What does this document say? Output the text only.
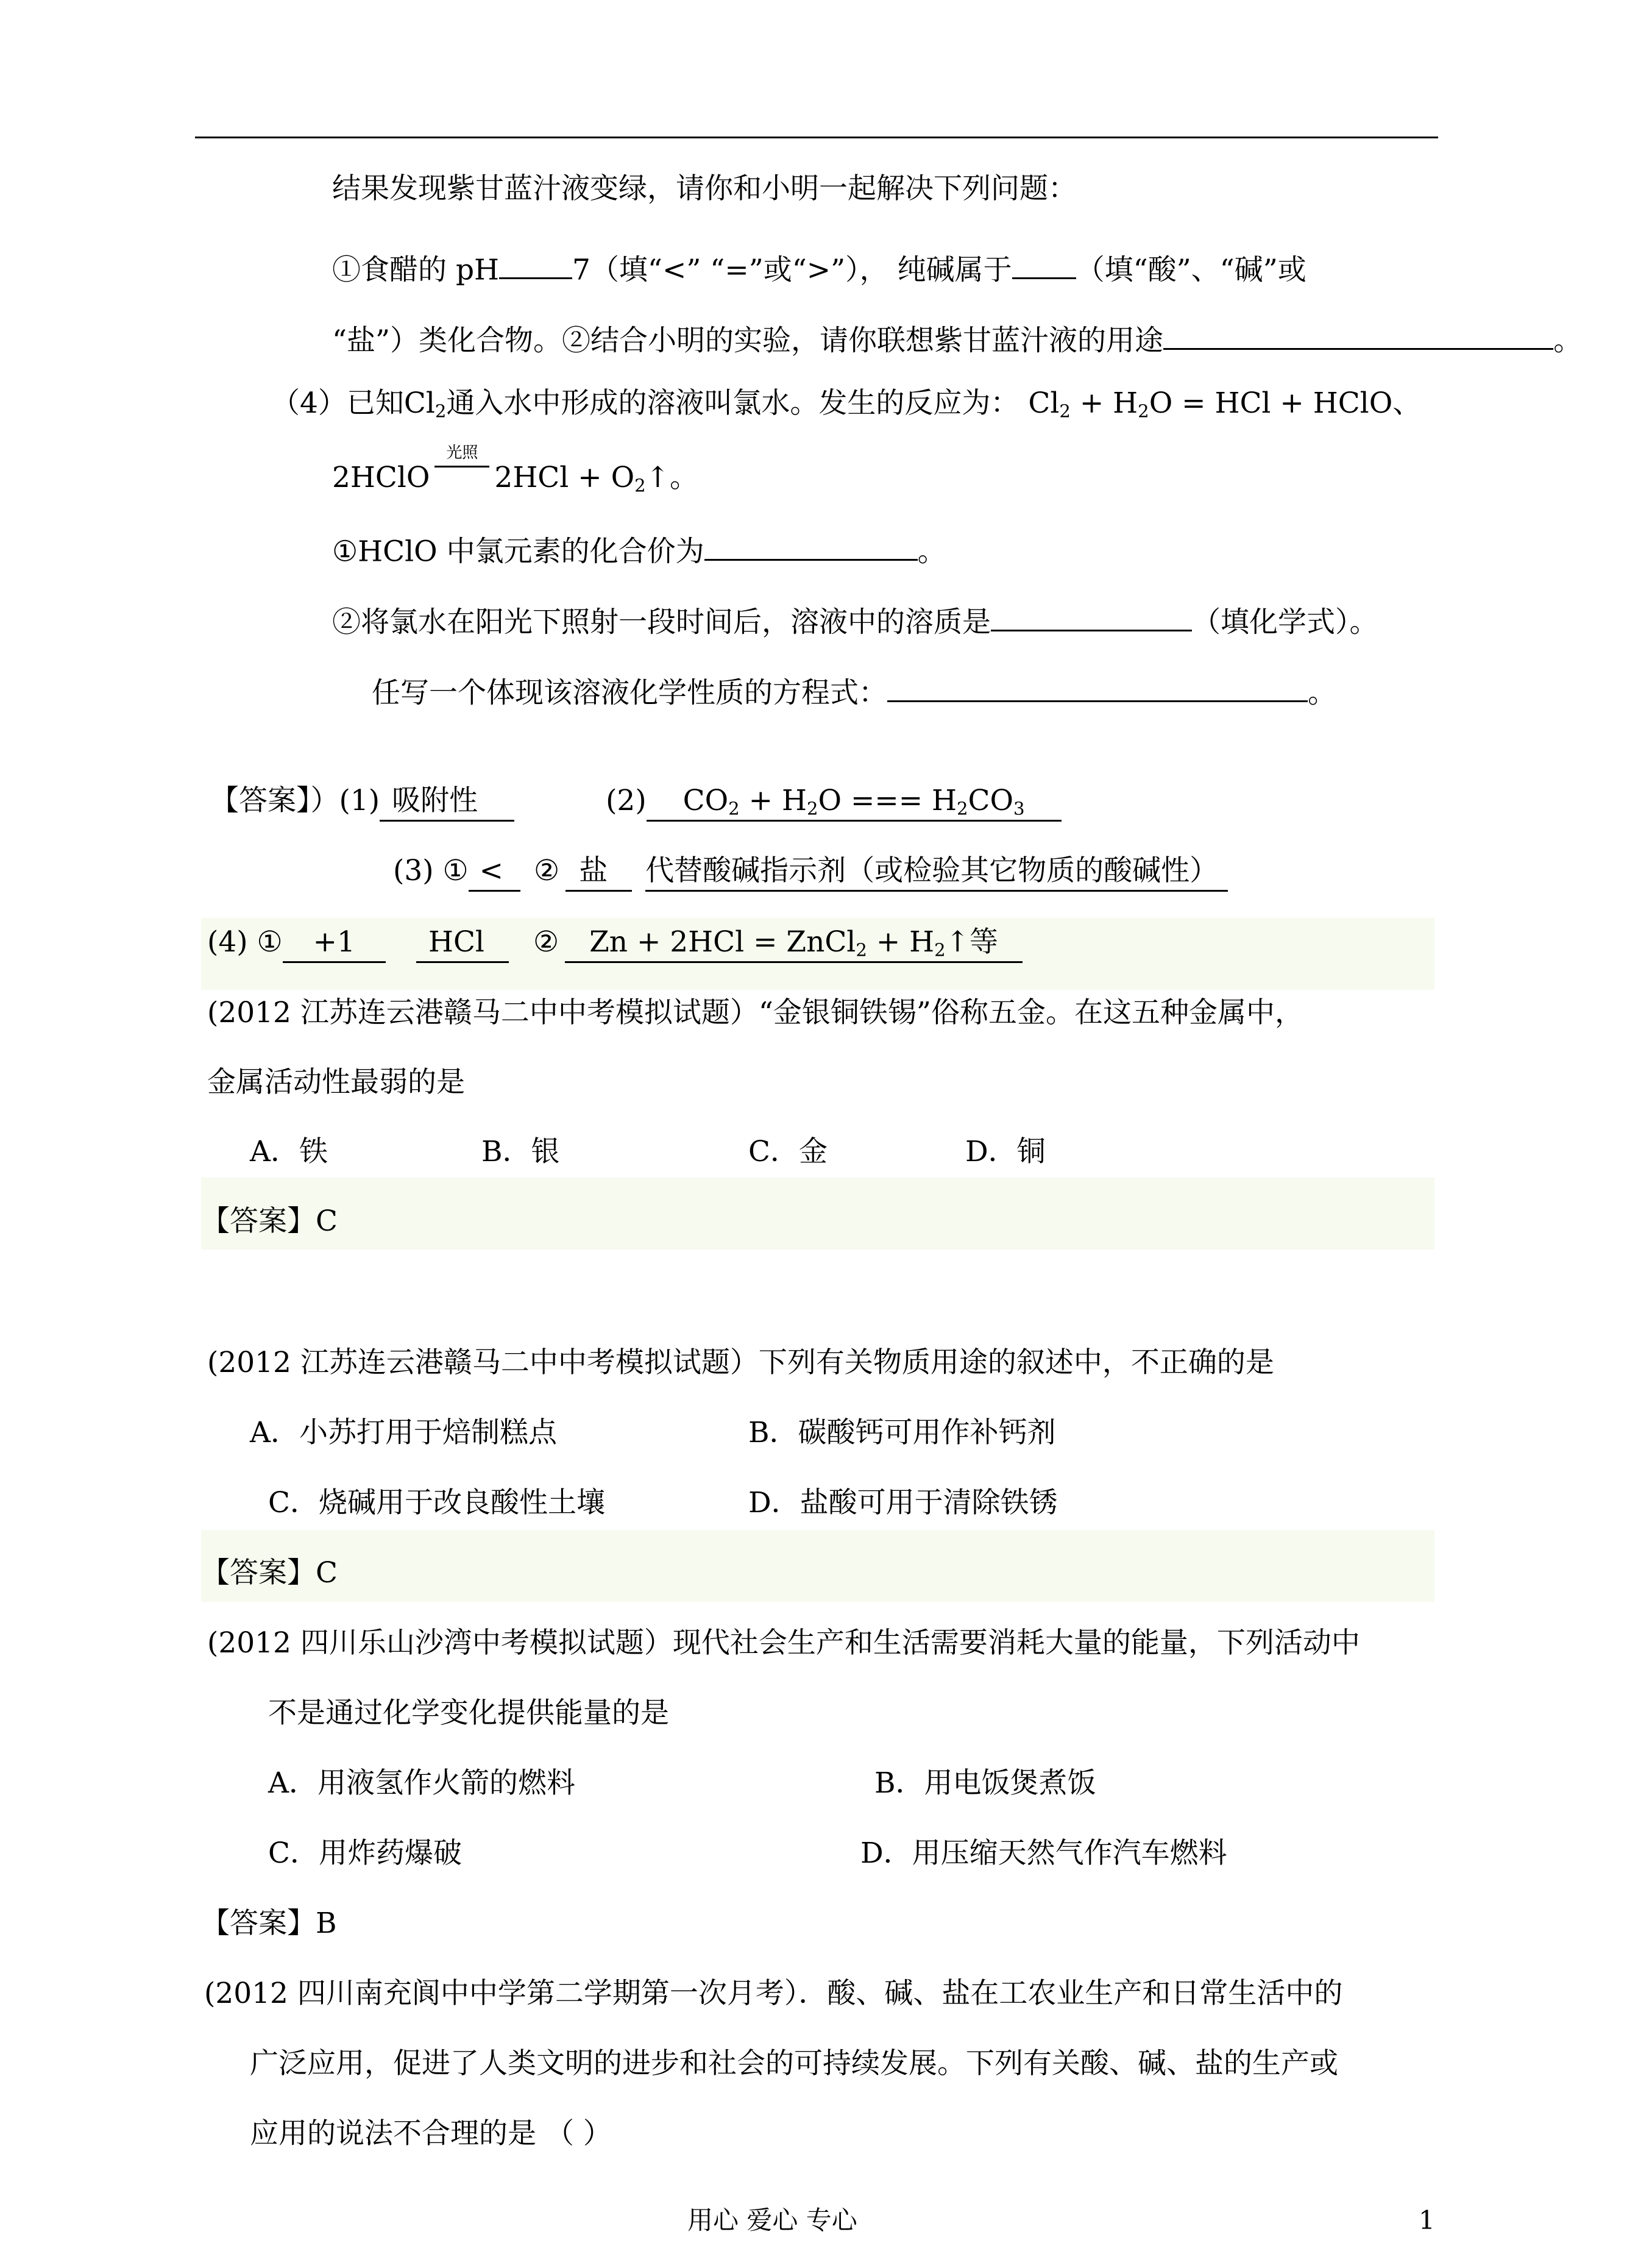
结果发现紫甘蓝汁液变绿，请你和小明一起解决下列问题：
①食醋的 pH	7（填“<” “=”或“>”）， 纯碱属于 （填“酸”、“碱”或
“盐”）类化合物。②结合小明的实验，请你联想紫甘蓝汁液的用途	。
（4）已知$Cl_2$通入水中形成的溶液叫氯水。发生的反应为： $Cl_2 + H_2O$ = HCl + HClO、
2HClO
光照
$2HCl + O_2↑$。
①HClO 中氯元素的化合价为	。
②将氯水在阳光下照射一段时间后，溶液中的溶质是	（填化学式）。
任写一个体现该溶液化学性质的方程式：	。
【答案】）(1) 吸附性	(2) $CO_2 + H_2O$ === $H_2CO_3$
(3) ① < ② 盐 代替酸碱指示剂（或检验其它物质的酸碱性）
(4) ① +1	HCl ② Zn + 2HCl = ZnCl$_2$ + $H_2↑$等
(2012 江苏连云港赣马二中中考模拟试题）“金银铜铁锡”俗称五金。在这五种金属中，
金属活动性最弱的是
A．铁	B．银	C．金	D．铜
【答案】C
(2012 江苏连云港赣马二中中考模拟试题）下列有关物质用途的叙述中，不正确的是
A．小苏打用于焙制糕点	B．碳酸钙可用作补钙剂
C．烧碱用于改良酸性土壤	D．盐酸可用于清除铁锈
【答案】C
(2012 四川乐山沙湾中考模拟试题）现代社会生产和生活需要消耗大量的能量，下列活动中
不是通过化学变化提供能量的是
A．用液氢作火箭的燃料	B．用电饭煲煮饭
C．用炸药爆破	D．用压缩天然气作汽车燃料
【答案】B
(2012 四川南充阆中中学第二学期第一次月考）．酸、碱、盐在工农业生产和日常生活中的
广泛应用，促进了人类文明的进步和社会的可持续发展。下列有关酸、碱、盐的生产或
应用的说法不合理的是 （ ）
用心 爱心 专心	1
